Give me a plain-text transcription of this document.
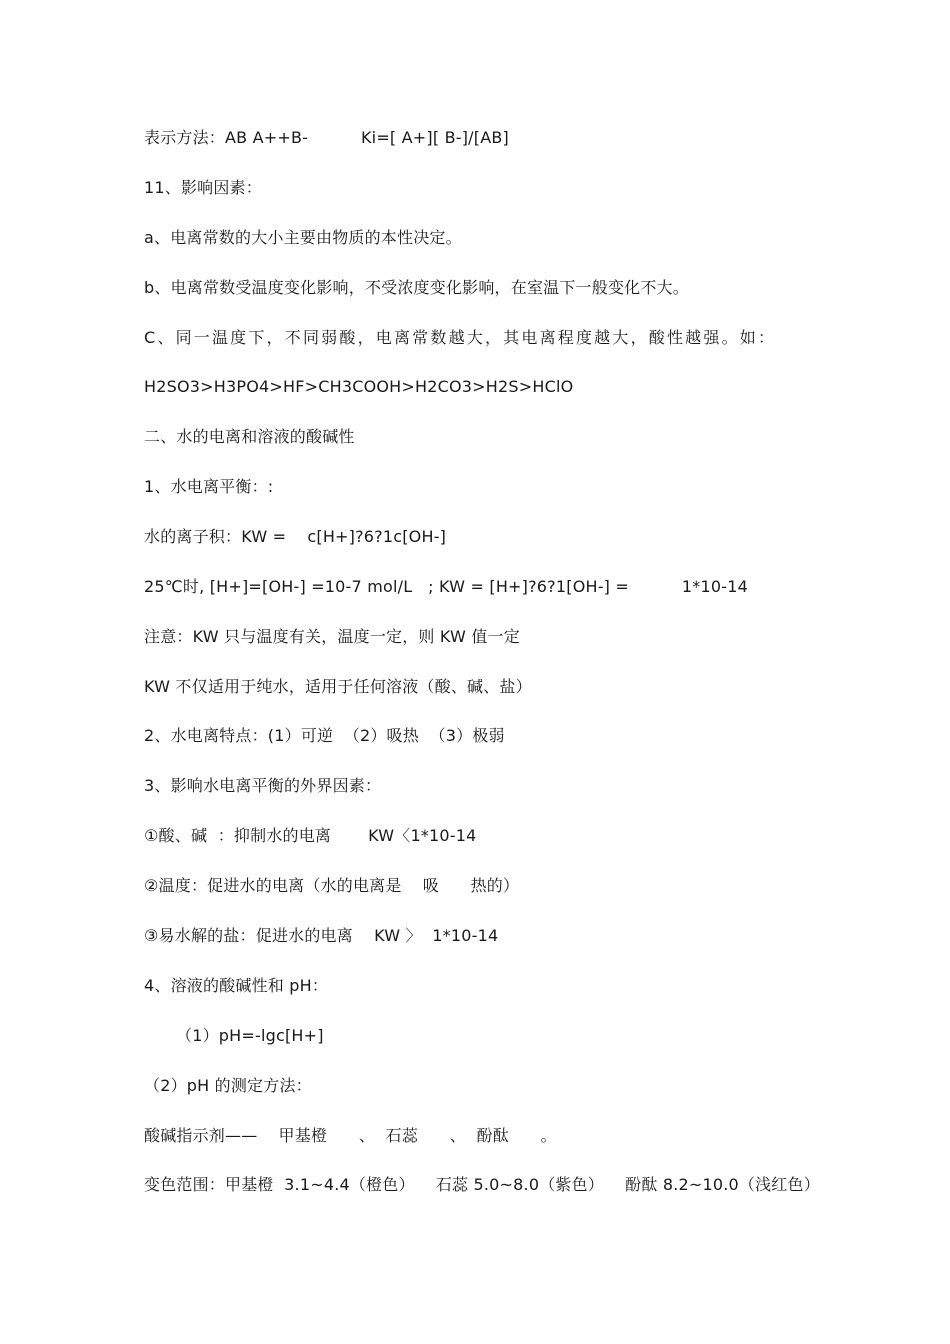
表示方法：AB A++B-          Ki=[ A+][ B-]/[AB]
11、影响因素：
a、电离常数的大小主要由物质的本性决定。
b、电离常数受温度变化影响，不受浓度变化影响，在室温下一般变化不大。
C、同一温度下，不同弱酸，电离常数越大，其电离程度越大，酸性越强。如：
H2SO3>H3PO4>HF>CH3COOH>H2CO3>H2S>HClO
二、水的电离和溶液的酸碱性
1、水电离平衡：:
水的离子积：KW =    c[H+]?6?1c[OH-]
25℃时, [H+]=[OH-] =10-7 mol/L   ; KW = [H+]?6?1[OH-] =          1*10-14
注意：KW 只与温度有关，温度一定，则 KW 值一定
KW 不仅适用于纯水，适用于任何溶液（酸、碱、盐）
2、水电离特点：(1）可逆  （2）吸热  （3）极弱
3、影响水电离平衡的外界因素：
①酸、碱  ：抑制水的电离       KW〈1*10-14
②温度：促进水的电离（水的电离是    吸      热的）
③易水解的盐：促进水的电离    KW 〉  1*10-14
4、溶液的酸碱性和 pH：
（1）pH=-lgc[H+]
（2）pH 的测定方法：
酸碱指示剂——    甲基橙      、  石蕊      、  酚酞      。
变色范围：甲基橙  3.1~4.4（橙色）    石蕊 5.0~8.0（紫色）    酚酞 8.2~10.0（浅红色）
